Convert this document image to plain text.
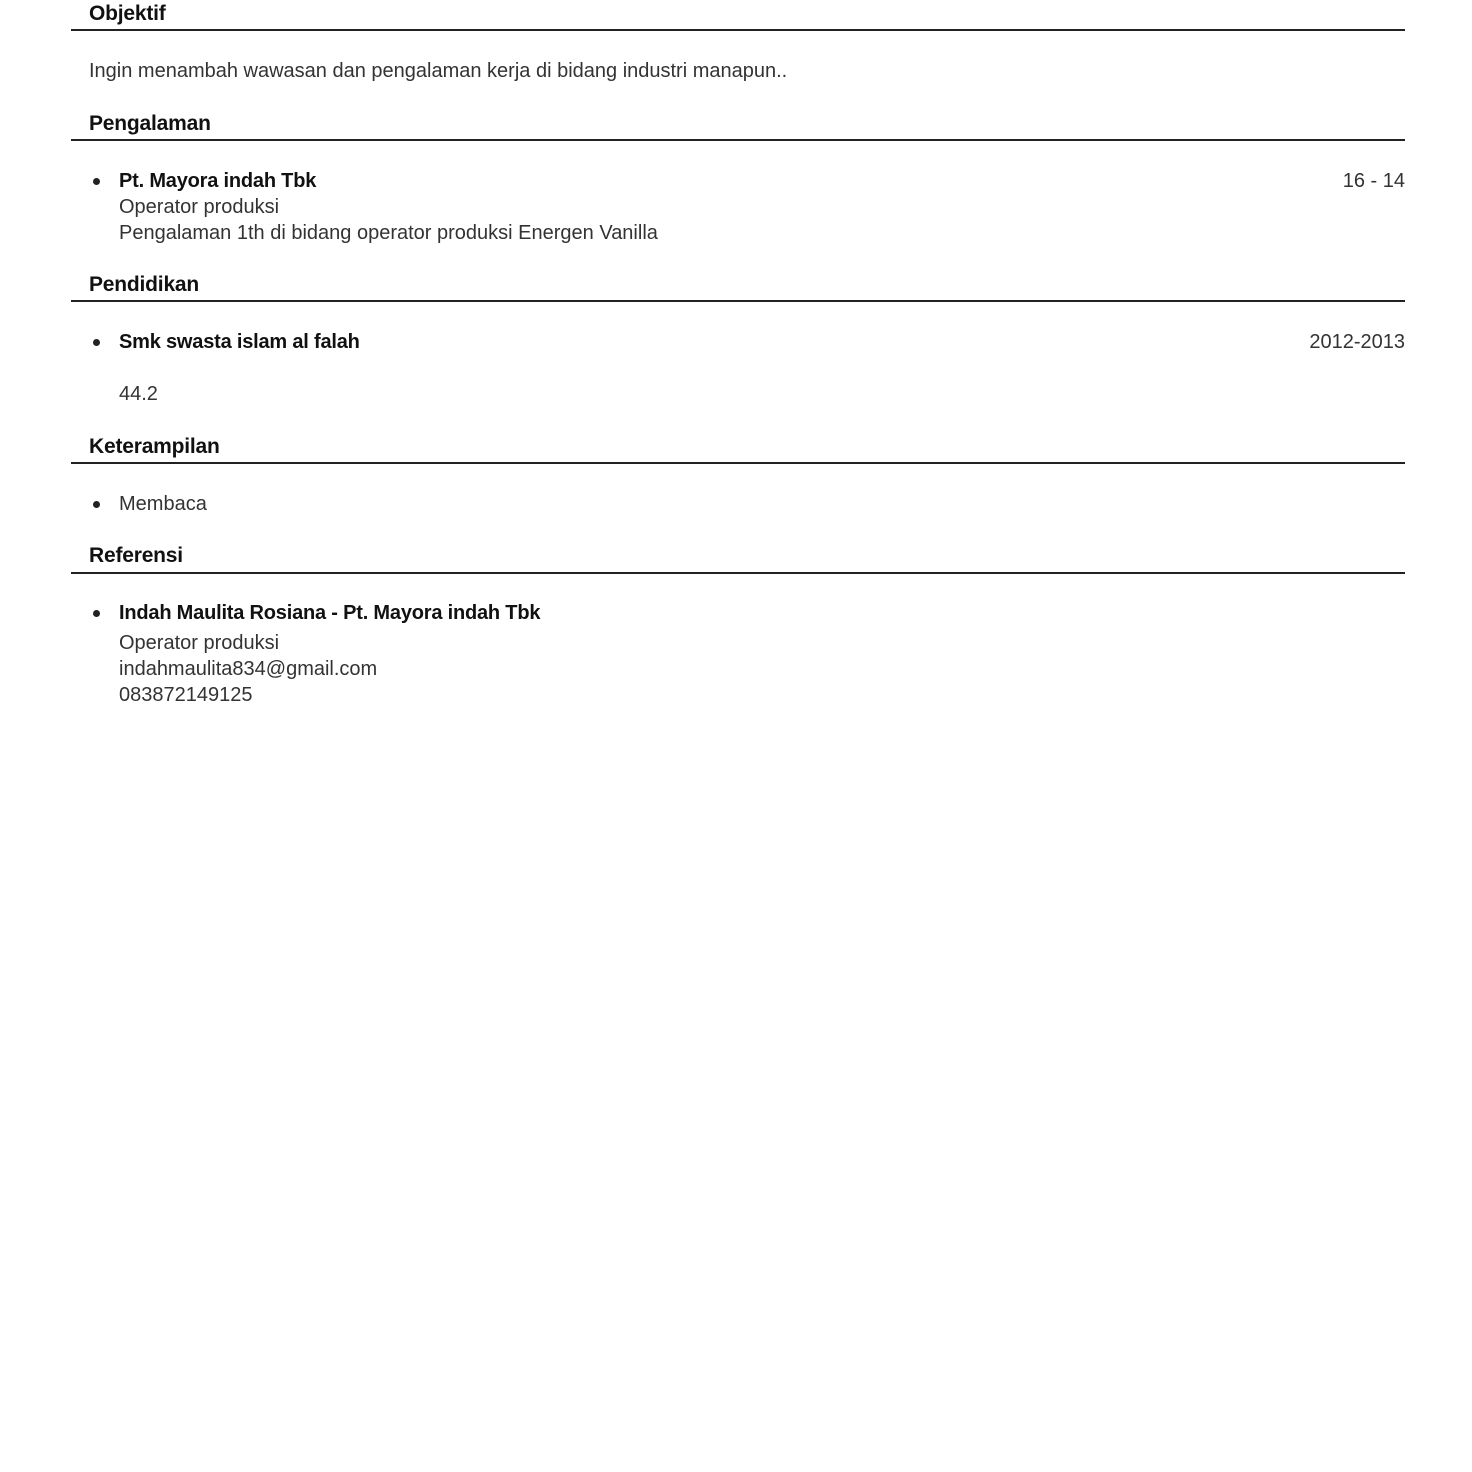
Objektif
Ingin menambah wawasan dan pengalaman kerja di bidang industri manapun..
Pengalaman
Pt. Mayora indah Tbk
Operator produksi
Pengalaman 1th di bidang operator produksi Energen Vanilla
16 - 14
Pendidikan
Smk swasta islam al falah	2012-2013
44.2
Keterampilan
Membaca
Referensi
Indah Maulita Rosiana - Pt. Mayora indah Tbk
Operator produksi
indahmaulita834@gmail.com
083872149125
